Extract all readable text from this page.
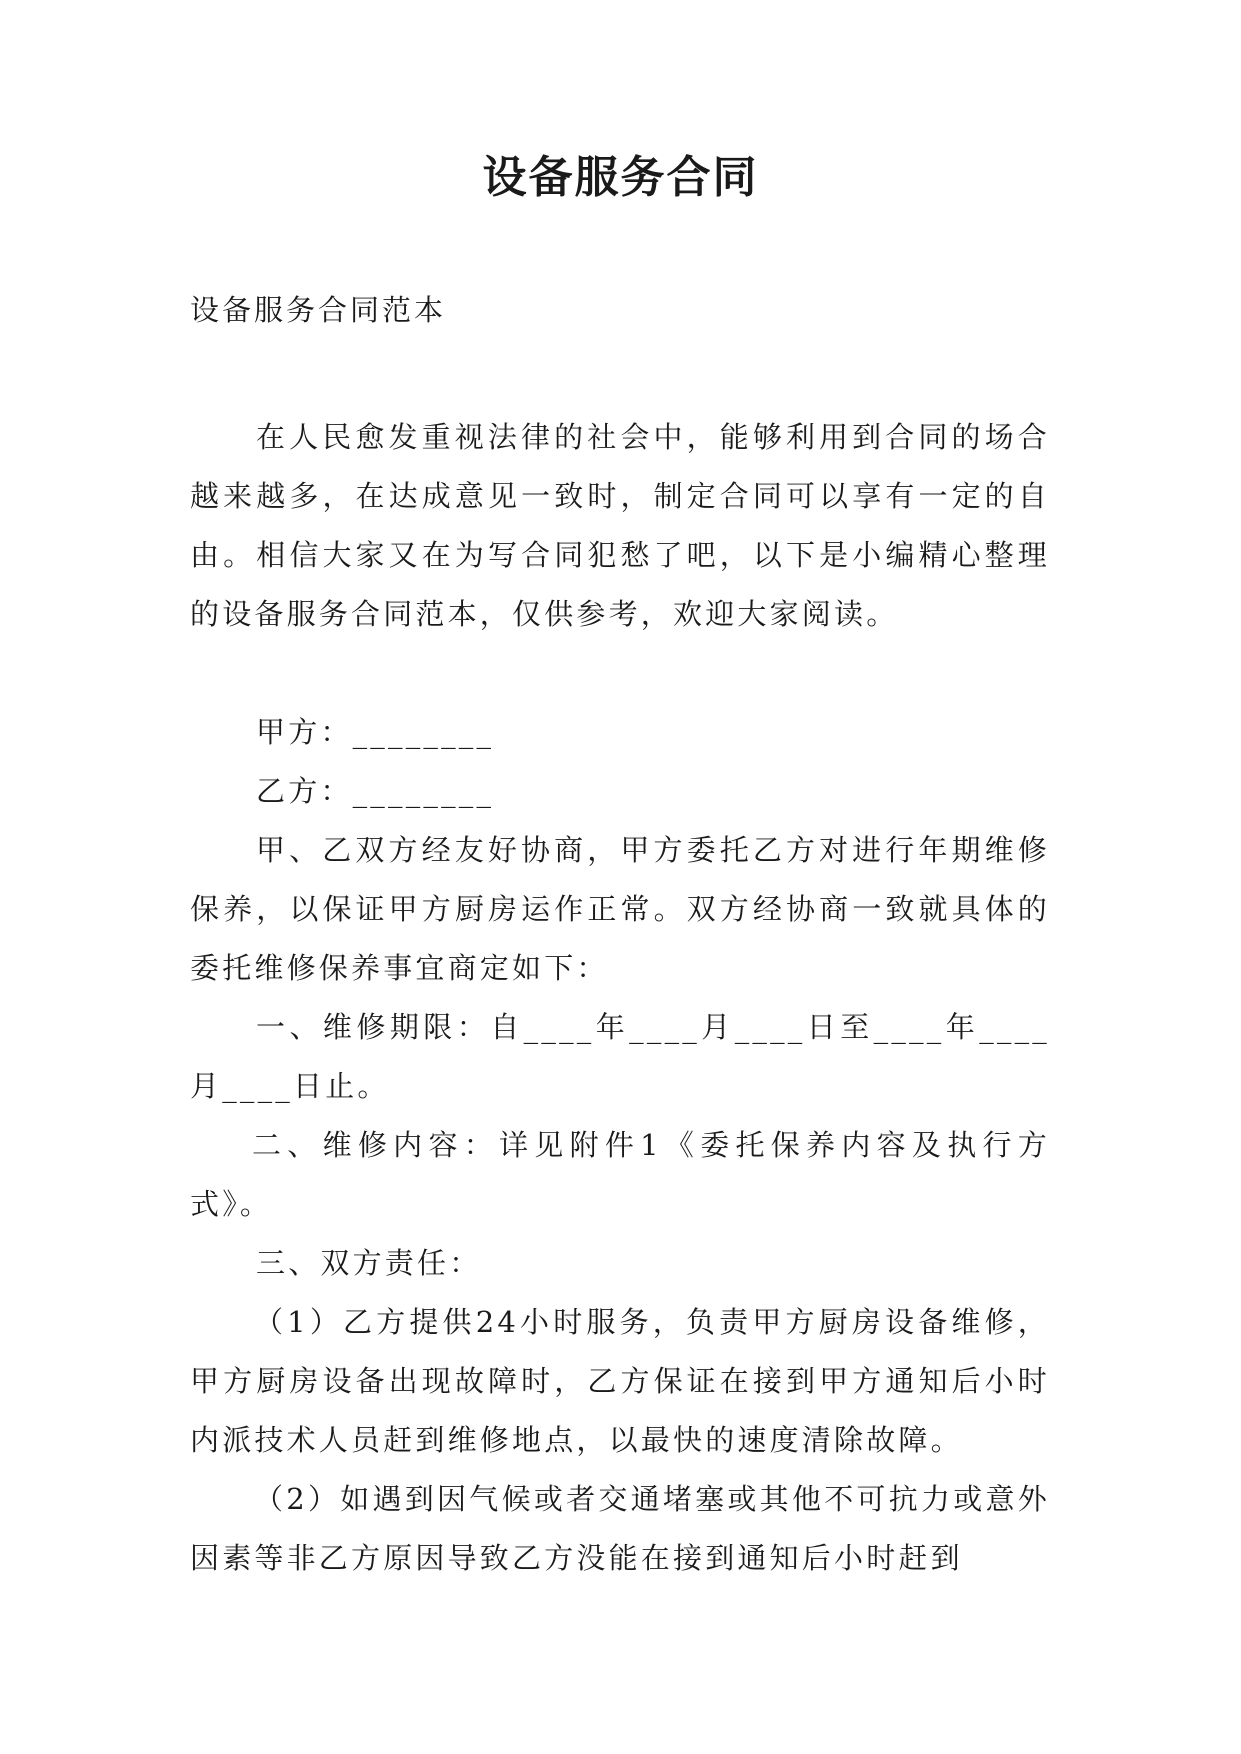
设备服务合同
设备服务合同范本

在人民愈发重视法律的社会中，能够利用到合同的场合越来越多，在达成意见一致时，制定合同可以享有一定的自由。相信大家又在为写合同犯愁了吧，以下是小编精心整理的设备服务合同范本，仅供参考，欢迎大家阅读。

甲方：________

乙方：________

甲、乙双方经友好协商，甲方委托乙方对进行年期维修保养，以保证甲方厨房运作正常。双方经协商一致就具体的委托维修保养事宜商定如下：

一、维修期限：自____年____月____日至____年____月____日止。

二、维修内容：详见附件1《委托保养内容及执行方式》。

三、双方责任：

（1）乙方提供24小时服务，负责甲方厨房设备维修，甲方厨房设备出现故障时，乙方保证在接到甲方通知后小时内派技术人员赶到维修地点，以最快的速度清除故障。

（2）如遇到因气候或者交通堵塞或其他不可抗力或意外因素等非乙方原因导致乙方没能在接到通知后小时赶到
